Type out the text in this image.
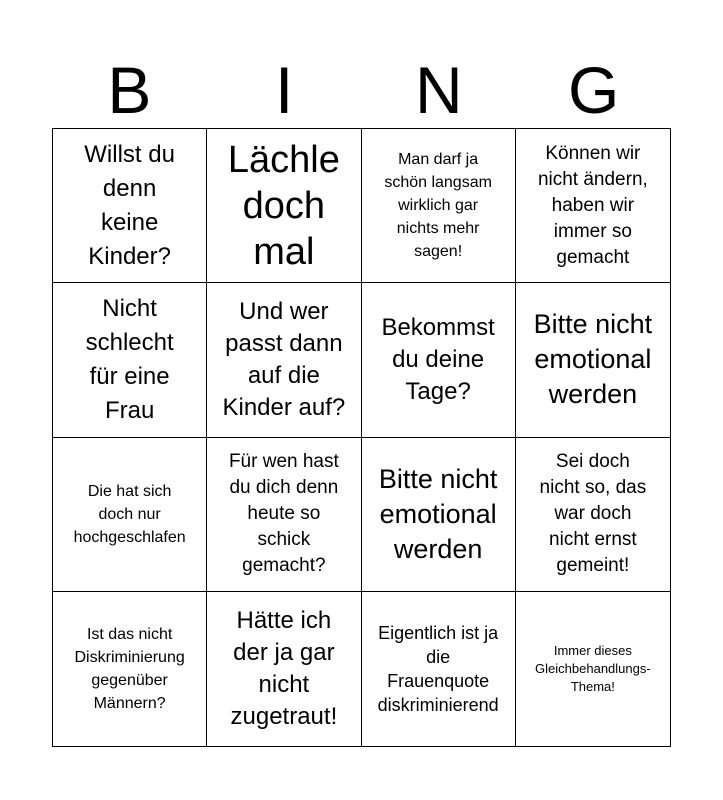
B	I	N	G
Willst du
denn
keine
Kinder?
Lächle
doch
mal
Man darf ja
schön langsam
wirklich gar
nichts mehr
sagen!
Können wir
nicht ändern,
haben wir
immer so
gemacht
Nicht
schlecht
für eine
Frau
Und wer
passt dann
auf die
Kinder auf?
Bekommst
du deine
Tage?
Bitte nicht
emotional
werden
Die hat sich
doch nur
hochgeschlafen
Für wen hast
du dich denn
heute so
schick
gemacht?
Bitte nicht
emotional
werden
Sei doch
nicht so, das
war doch
nicht ernst
gemeint!
Ist das nicht
Diskriminierung
gegenüber
Männern?
Hätte ich
der ja gar
nicht
zugetraut!
Eigentlich ist ja
die
Frauenquote
diskriminierend
Immer dieses
Gleichbehandlungs-
Thema!
